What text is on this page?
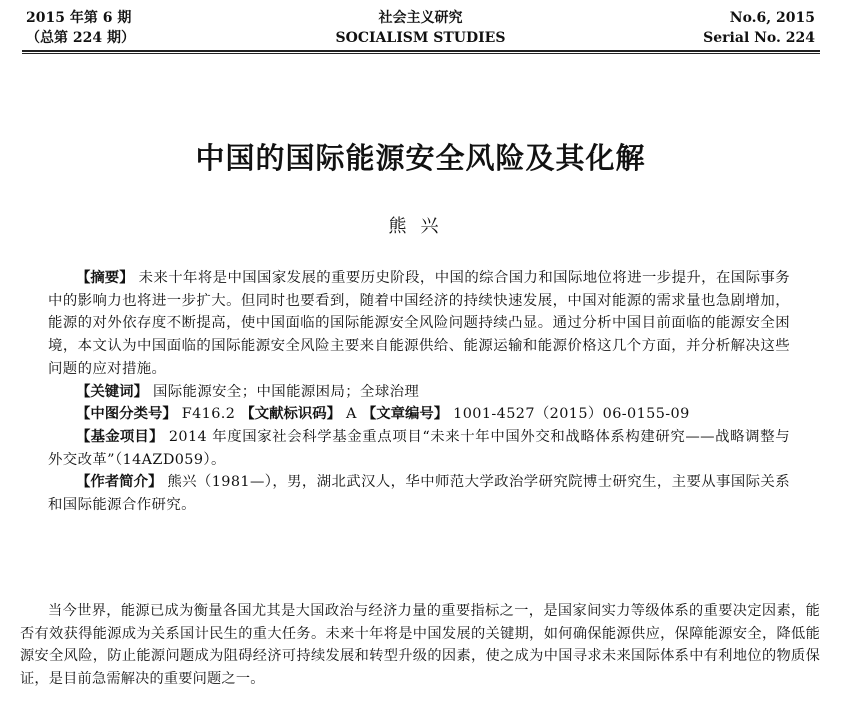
2015 年第 6 期
（总第 224 期）
社会主义研究
SOCIALISM STUDIES
No.6, 2015
Serial No. 224
中国的国际能源安全风险及其化解
熊兴

【摘要】 未来十年将是中国国家发展的重要历史阶段，中国的综合国力和国际地位将进一步提升，在国际事务中的影响力也将进一步扩大。但同时也要看到，随着中国经济的持续快速发展，中国对能源的需求量也急剧增加，能源的对外依存度不断提高，使中国面临的国际能源安全风险问题持续凸显。通过分析中国目前面临的能源安全困境，本文认为中国面临的国际能源安全风险主要来自能源供给、能源运输和能源价格这几个方面，并分析解决这些问题的应对措施。

【关键词】 国际能源安全；中国能源困局；全球治理

【中图分类号】 F416.2 【文献标识码】 A 【文章编号】 1001-4527（2015）06-0155-09

【基金项目】 2014 年度国家社会科学基金重点项目“未来十年中国外交和战略体系构建研究——战略调整与外交改革”（14AZD059）。

【作者简介】 熊兴（1981—），男，湖北武汉人，华中师范大学政治学研究院博士研究生，主要从事国际关系和国际能源合作研究。

当今世界，能源已成为衡量各国尤其是大国政治与经济力量的重要指标之一，是国家间实力等级体系的重要决定因素，能否有效获得能源成为关系国计民生的重大任务。未来十年将是中国发展的关键期，如何确保能源供应，保障能源安全，降低能源安全风险，防止能源问题成为阻碍经济可持续发展和转型升级的因素，使之成为中国寻求未来国际体系中有利地位的物质保证，是目前急需解决的重要问题之一。
